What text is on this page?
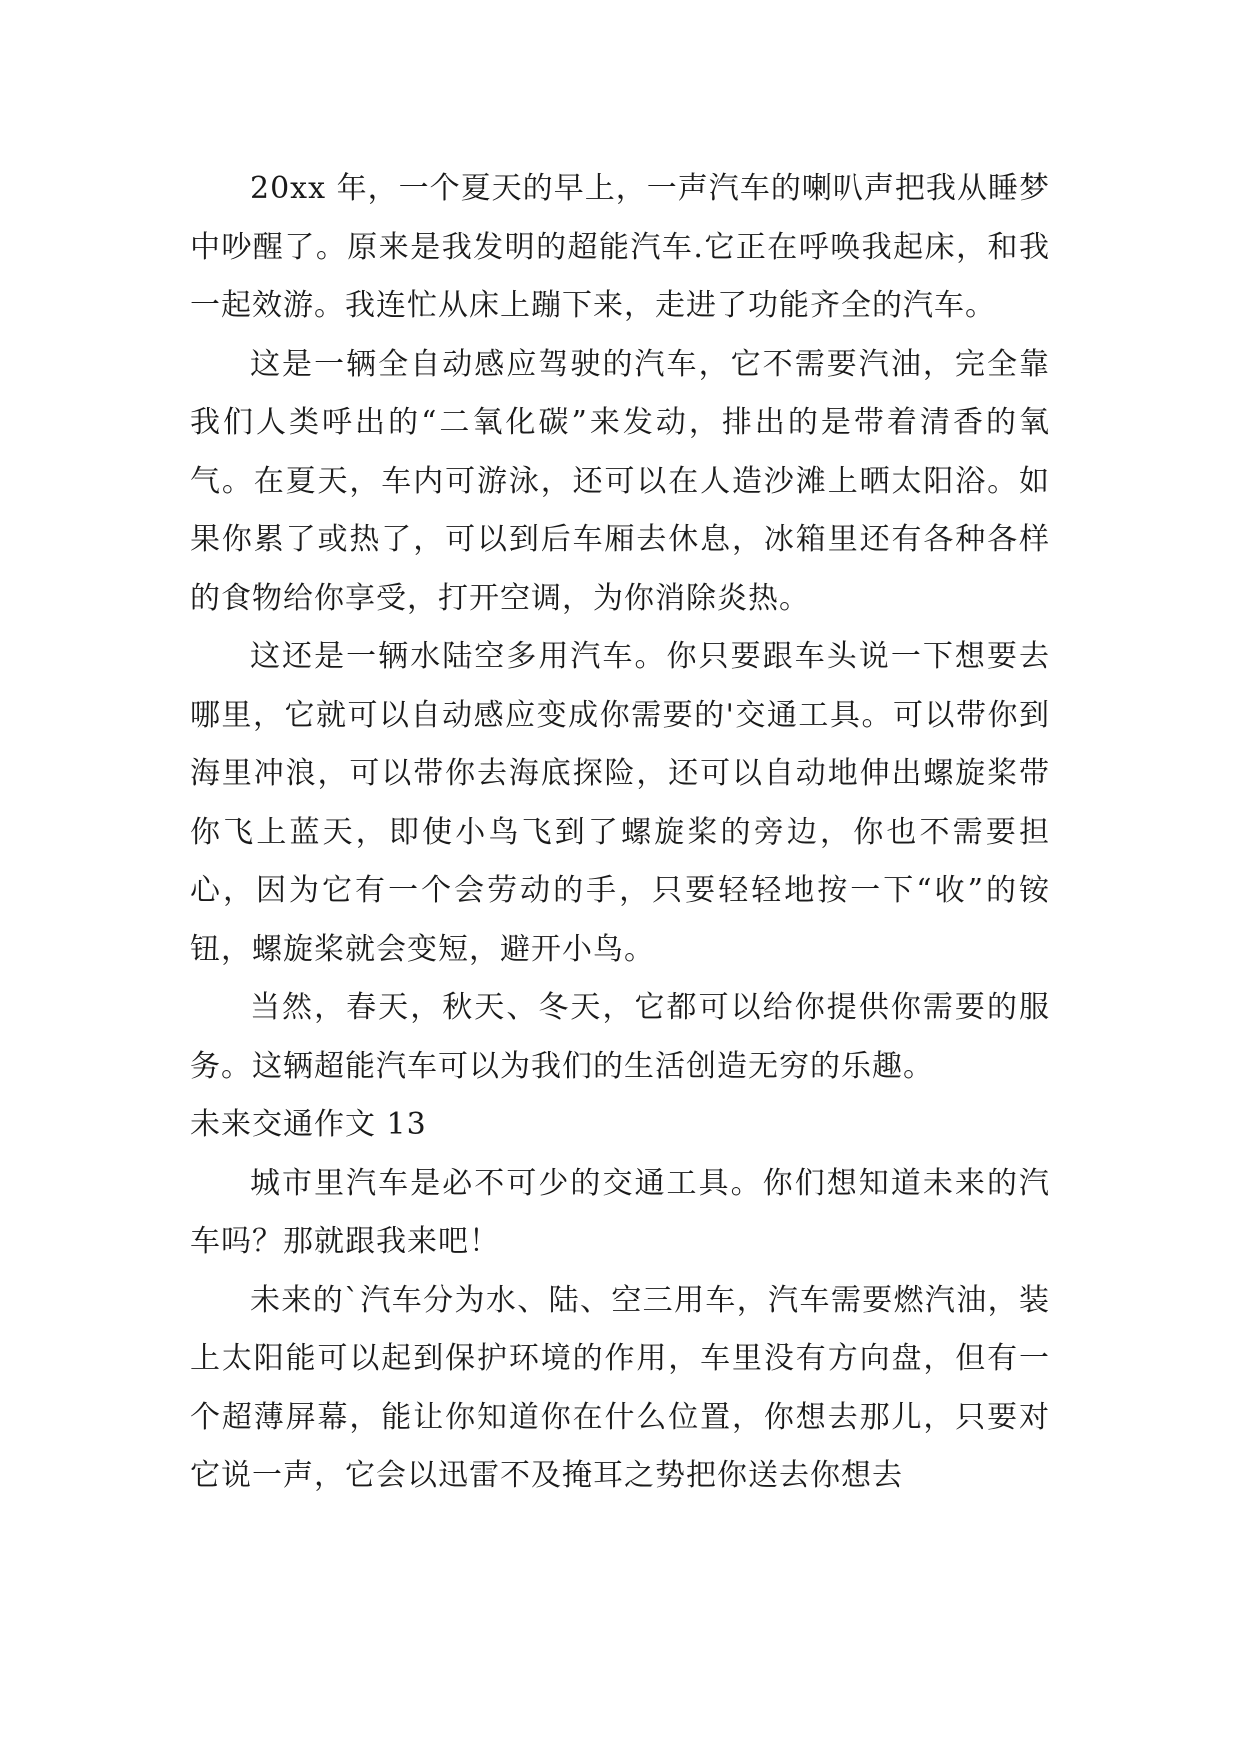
20xx 年，一个夏天的早上，一声汽车的喇叭声把我从睡梦中吵醒了。原来是我发明的超能汽车.它正在呼唤我起床，和我一起效游。我连忙从床上蹦下来，走进了功能齐全的汽车。

这是一辆全自动感应驾驶的汽车，它不需要汽油，完全靠我们人类呼出的“二氧化碳”来发动，排出的是带着清香的氧气。在夏天，车内可游泳，还可以在人造沙滩上晒太阳浴。如果你累了或热了，可以到后车厢去休息，冰箱里还有各种各样的食物给你享受，打开空调，为你消除炎热。

这还是一辆水陆空多用汽车。你只要跟车头说一下想要去哪里，它就可以自动感应变成你需要的'交通工具。可以带你到海里冲浪，可以带你去海底探险，还可以自动地伸出螺旋桨带你飞上蓝天，即使小鸟飞到了螺旋桨的旁边，你也不需要担心，因为它有一个会劳动的手，只要轻轻地按一下“收”的铵钮，螺旋桨就会变短，避开小鸟。

当然，春天，秋天、冬天，它都可以给你提供你需要的服务。这辆超能汽车可以为我们的生活创造无穷的乐趣。

未来交通作文 13

城市里汽车是必不可少的交通工具。你们想知道未来的汽车吗？那就跟我来吧！

未来的`汽车分为水、陆、空三用车，汽车需要燃汽油，装上太阳能可以起到保护环境的作用，车里没有方向盘，但有一个超薄屏幕，能让你知道你在什么位置，你想去那儿，只要对它说一声，它会以迅雷不及掩耳之势把你送去你想去
